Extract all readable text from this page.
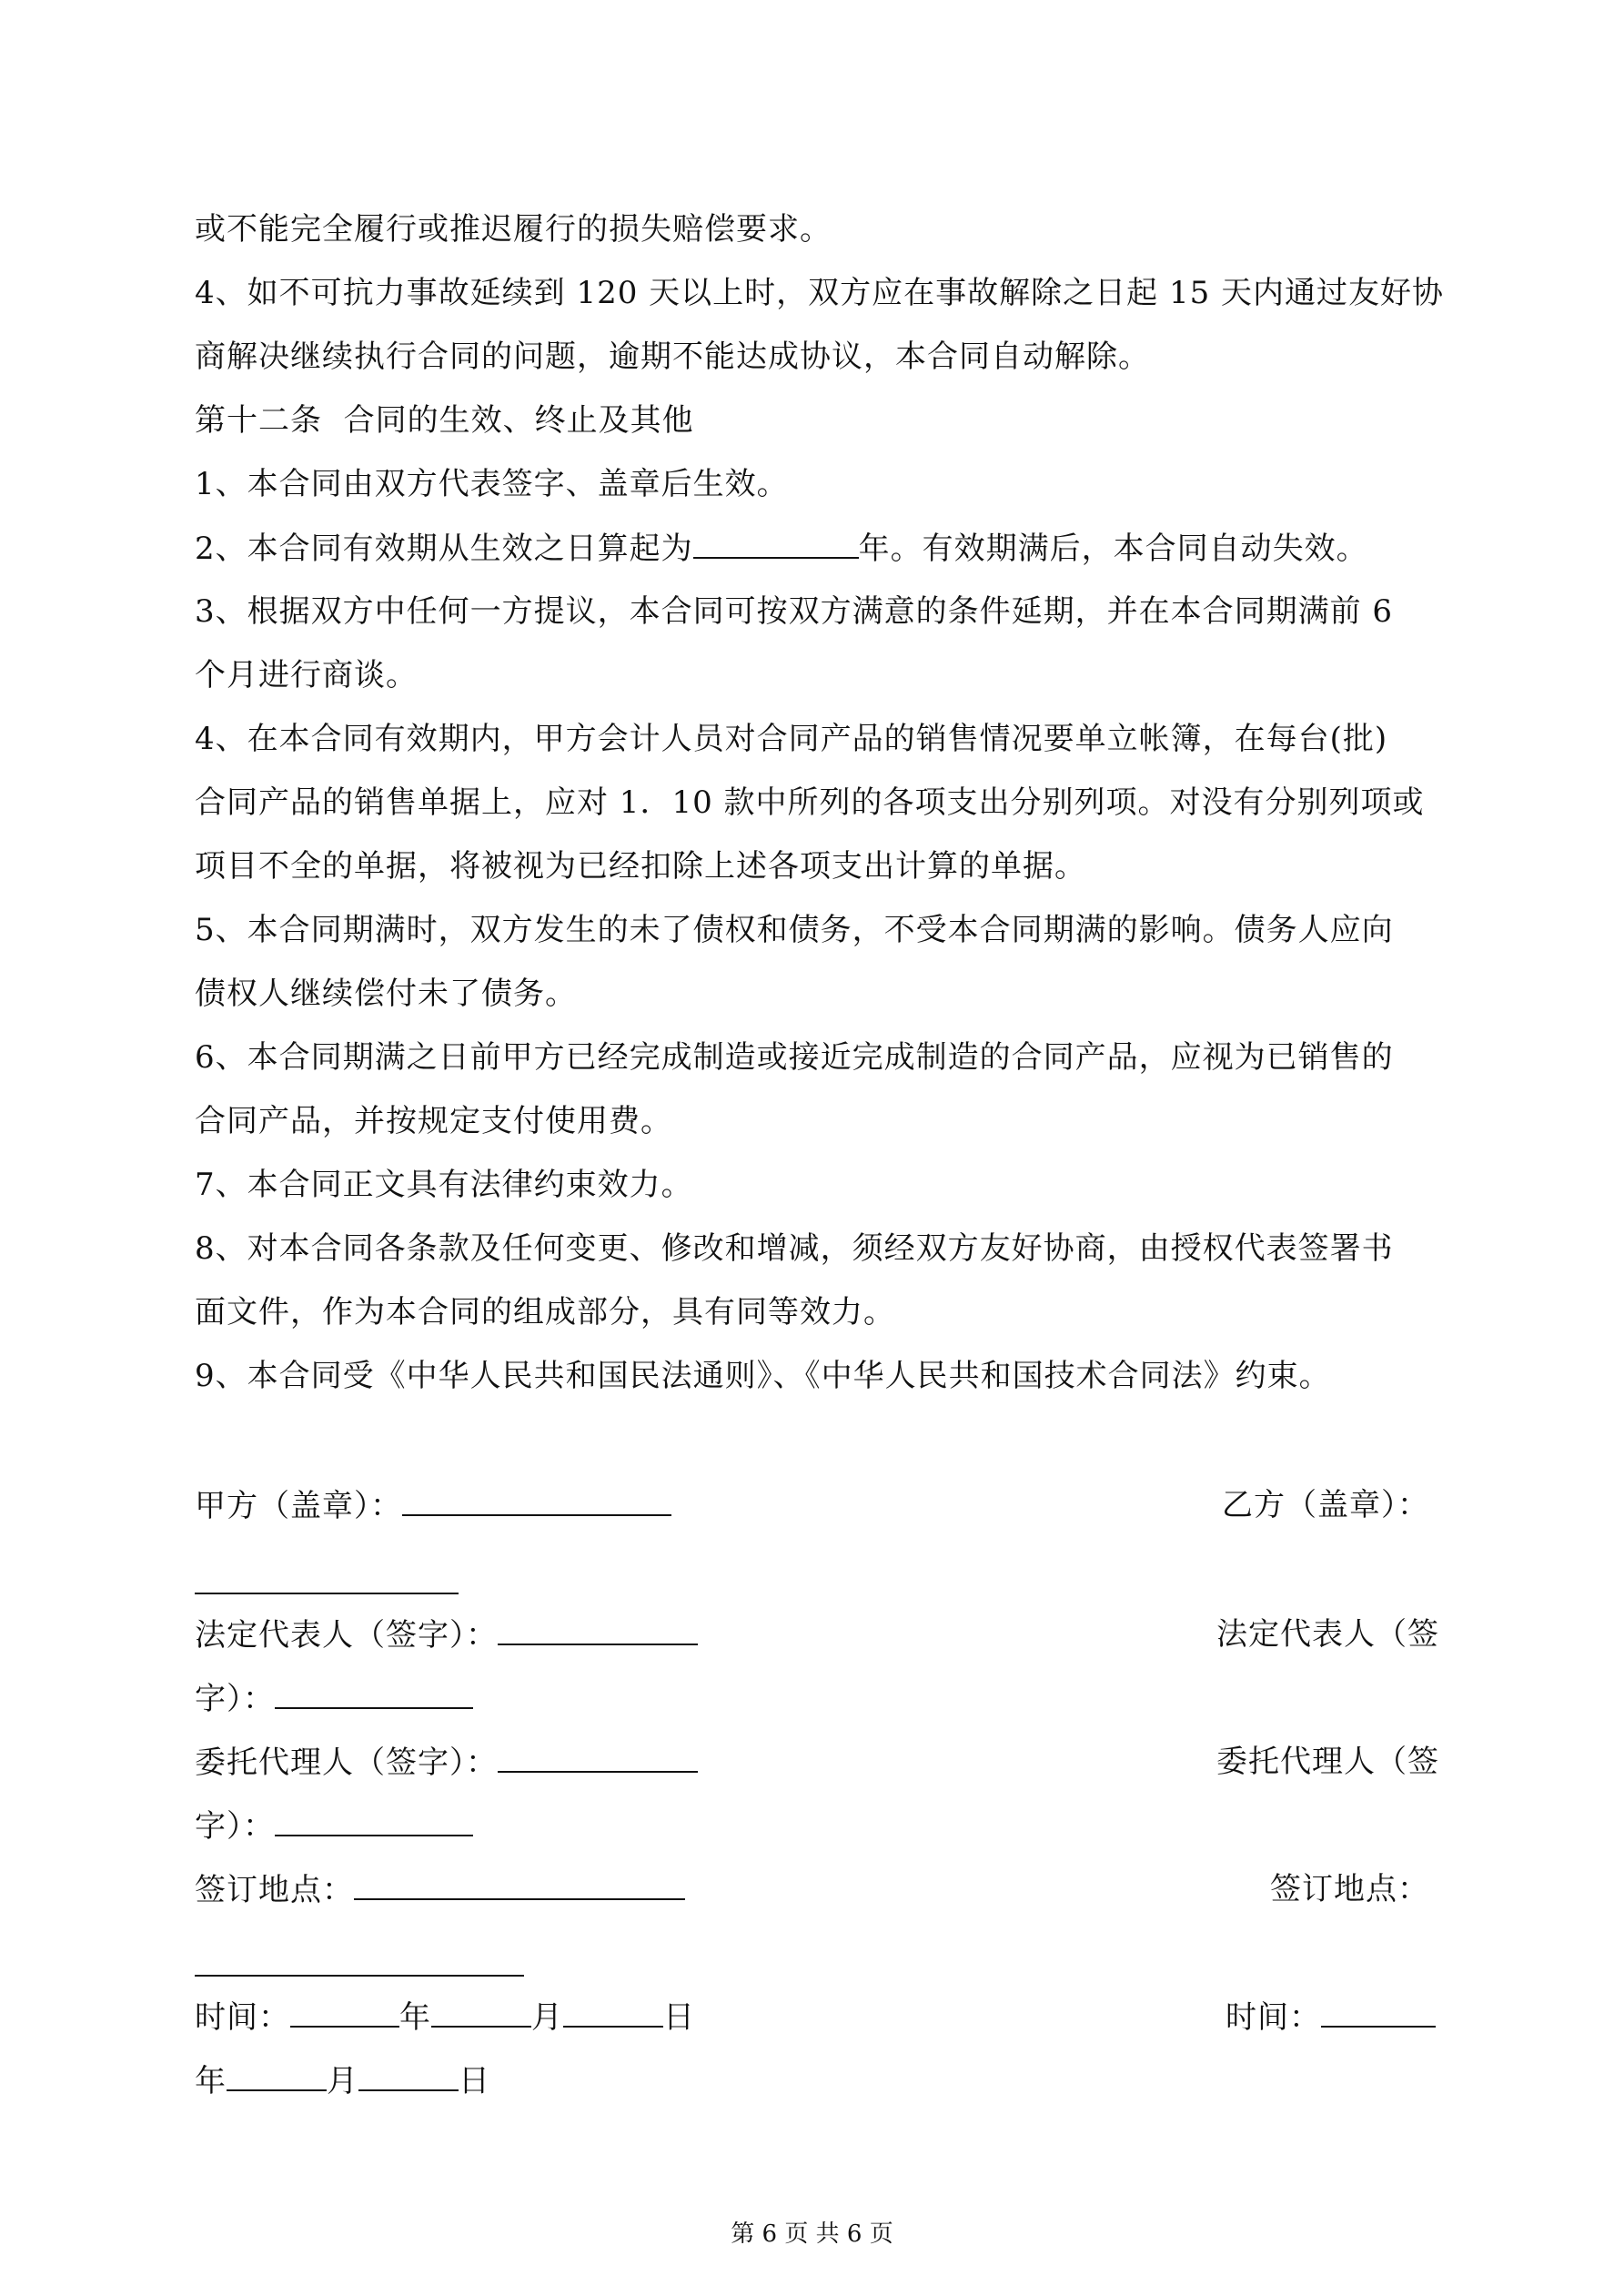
或不能完全履行或推迟履行的损失赔偿要求。
4、如不可抗力事故延续到 120 天以上时，双方应在事故解除之日起 15 天内通过友好协
商解决继续执行合同的问题，逾期不能达成协议，本合同自动解除。
第十二条  合同的生效、终止及其他
1、本合同由双方代表签字、盖章后生效。
2、本合同有效期从生效之日算起为	年。有效期满后，本合同自动失效。
3、根据双方中任何一方提议，本合同可按双方满意的条件延期，并在本合同期满前 6
个月进行商谈。
4、在本合同有效期内，甲方会计人员对合同产品的销售情况要单立帐簿，在每台(批)
合同产品的销售单据上，应对 1．10 款中所列的各项支出分别列项。对没有分别列项或
项目不全的单据，将被视为已经扣除上述各项支出计算的单据。
5、本合同期满时，双方发生的未了债权和债务，不受本合同期满的影响。债务人应向
债权人继续偿付未了债务。
6、本合同期满之日前甲方已经完成制造或接近完成制造的合同产品，应视为已销售的
合同产品，并按规定支付使用费。
7、本合同正文具有法律约束效力。
8、对本合同各条款及任何变更、修改和增减，须经双方友好协商，由授权代表签署书
面文件，作为本合同的组成部分，具有同等效力。
9、本合同受《中华人民共和国民法通则》、《中华人民共和国技术合同法》约束。
甲方（盖章）：	乙方（盖章）：
法定代表人（签字）：	法定代表人（签
字）：
委托代理人（签字）：	委托代理人（签
字）：
签订地点：	签订地点：
时间：	年	月	日	时间：
年	月	日
第 6 页 共 6 页
